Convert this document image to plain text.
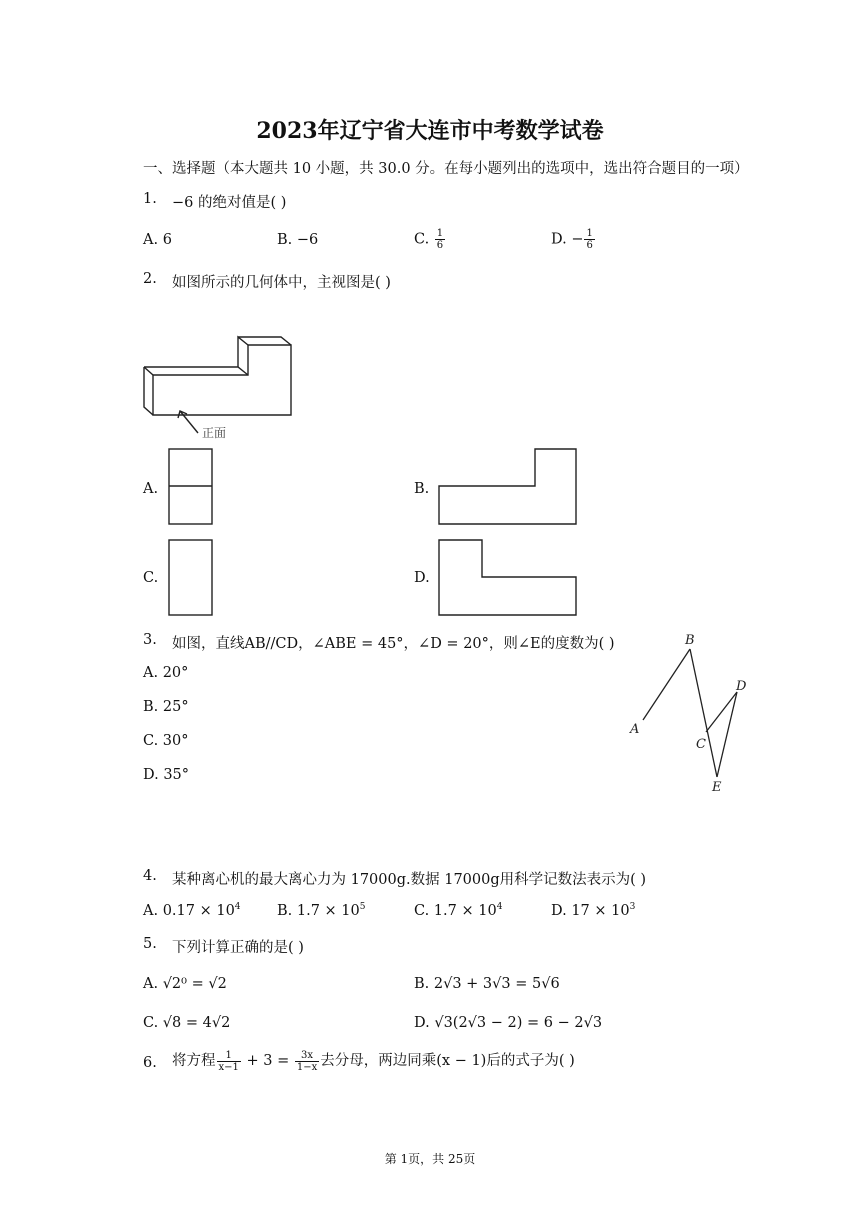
2023年辽宁省大连市中考数学试卷
一、选择题（本大题共 10 小题，共 30.0 分。在每小题列出的选项中，选出符合题目的一项）
1. −6 的绝对值是( )
A. 6	B. −6	C. $\frac{1}{6}$	D. − $\frac{1}{6}$
2. 如图所示的几何体中，主视图是( )
正面
A.	B.
C.	D.
3. 如图，直线AB//CD，∠ABE = 45°，∠D = 20°，则∠E的度数为( )
A. 20°
B. 25°
C. 30°
D. 35°
A
B
C
D
E
4. 某种离心机的最大离心力为 17000g.数据 17000g用科学记数法表示为( )
A. $0.17 \times 10^4$	B. $1.7 \times 10^5$	C. $1.7 \times 10^4$	D. $17 \times 10^3$
5. 下列计算正确的是( )
A. √2⁰ = √2	B. 2√3 + 3√3 = 5√6
C. √8 = 4√2	D. √3(2√3 − 2) = 6 − 2√3
6. 将方程 $\frac{1}{x-1} + 3 = \frac{3x}{1-x}$ 去分母，两边同乘(x − 1)后的式子为( )
第 1页，共 25页
